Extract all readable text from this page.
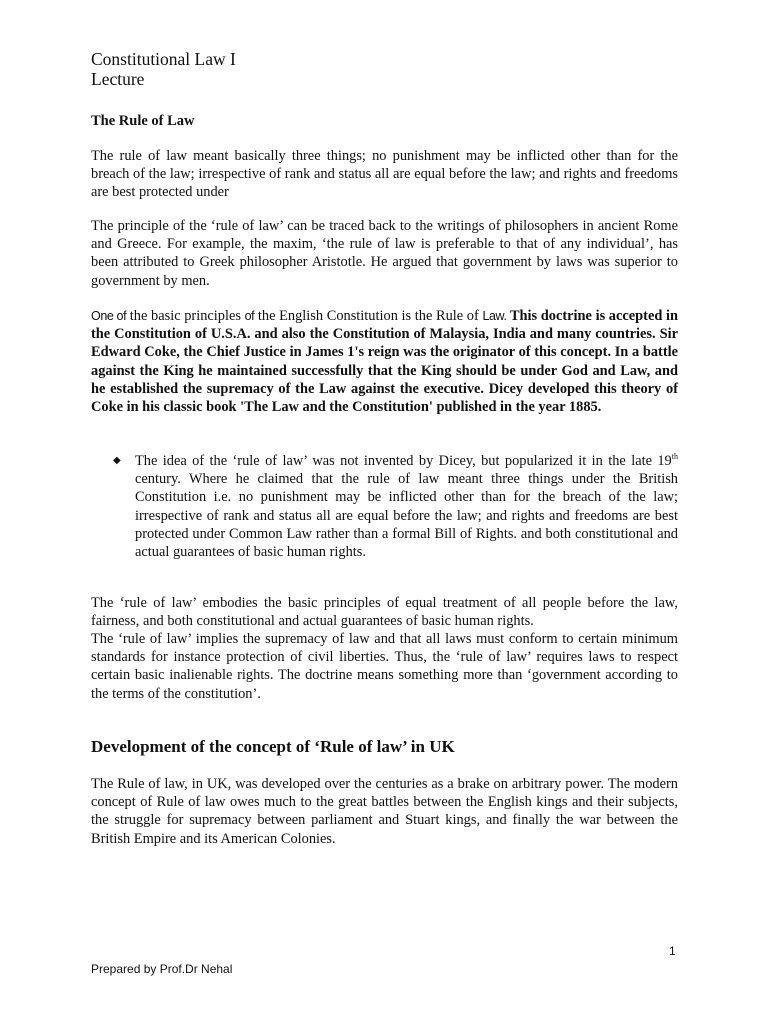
Constitutional Law I

Lecture

The Rule of Law

The rule of law meant basically three things; no punishment may be inflicted other than for the breach of the law; irrespective of rank and status all are equal before the law; and rights and freedoms are best protected under

The principle of the ‘rule of law’ can be traced back to the writings of philosophers in ancient Rome and Greece. For example, the maxim, ‘the rule of law is preferable to that of any individual’, has been attributed to Greek philosopher Aristotle. He argued that government by laws was superior to government by men.

One of the basic principles of the English Constitution is the Rule of Law. This doctrine is accepted in the Constitution of U.S.A. and also the Constitution of Malaysia, India and many countries. Sir Edward Coke, the Chief Justice in James 1's reign was the originator of this concept. In a battle against the King he maintained successfully that the King should be under God and Law, and he established the supremacy of the Law against the executive. Dicey developed this theory of Coke in his classic book 'The Law and the Constitution' published in the year 1885.

◆ The idea of the ‘rule of law’ was not invented by Dicey, but popularized it in the late 19th century. Where he claimed that the rule of law meant three things under the British Constitution i.e. no punishment may be inflicted other than for the breach of the law; irrespective of rank and status all are equal before the law; and rights and freedoms are best protected under Common Law rather than a formal Bill of Rights. and both constitutional and actual guarantees of basic human rights.

The ‘rule of law’ embodies the basic principles of equal treatment of all people before the law, fairness, and both constitutional and actual guarantees of basic human rights.

The ‘rule of law’ implies the supremacy of law and that all laws must conform to certain minimum standards for instance protection of civil liberties. Thus, the ‘rule of law’ requires laws to respect certain basic inalienable rights. The doctrine means something more than ‘government according to the terms of the constitution’.

Development of the concept of ‘Rule of law’ in UK

The Rule of law, in UK, was developed over the centuries as a brake on arbitrary power. The modern concept of Rule of law owes much to the great battles between the English kings and their subjects, the struggle for supremacy between parliament and Stuart kings, and finally the war between the British Empire and its American Colonies.

1
Prepared by Prof.Dr Nehal
